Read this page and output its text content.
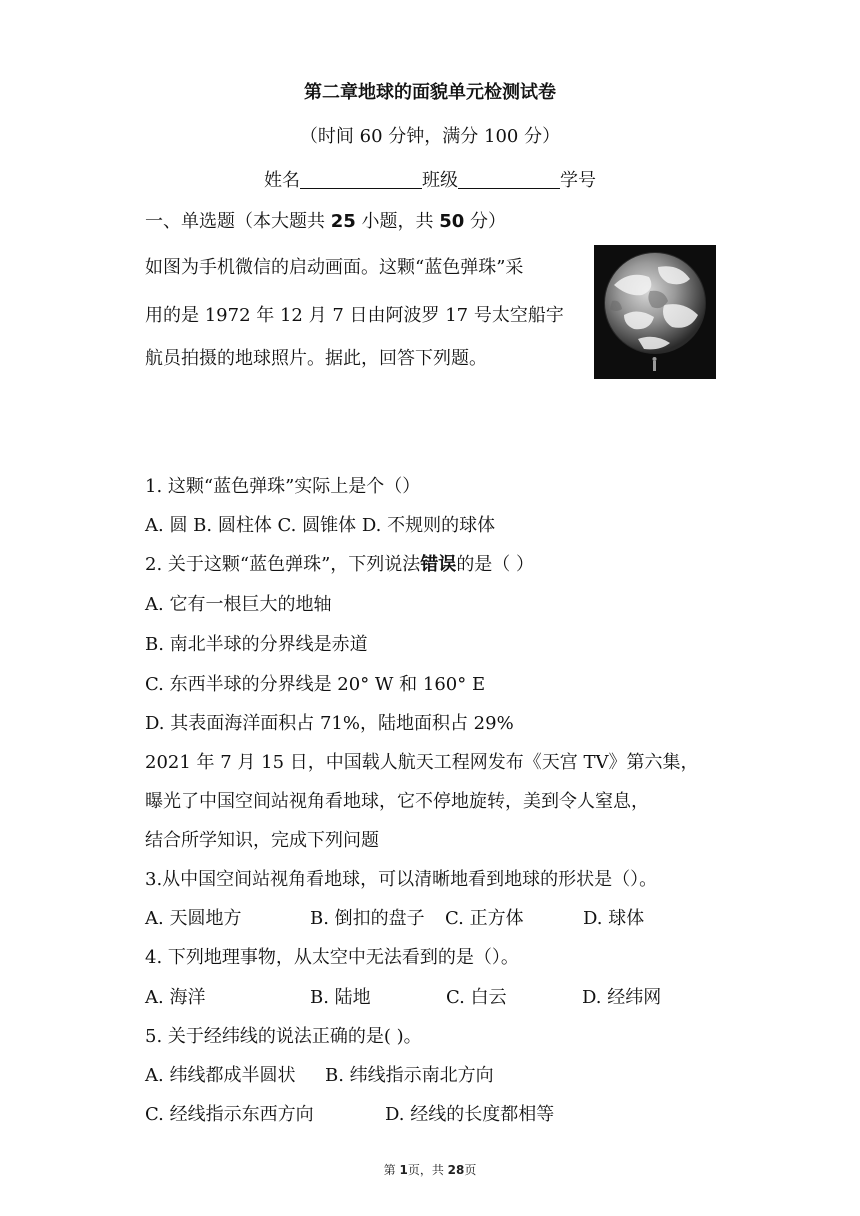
第二章地球的面貌单元检测试卷
（时间 60 分钟，满分 100 分）
姓名	班级	学号
一、单选题（本大题共 25 小题，共 50 分）
如图为手机微信的启动画面。这颗“蓝色弹珠”采
用的是 1972 年 12 月 7 日由阿波罗 17 号太空船宇
航员拍摄的地球照片。据此，回答下列题。
1. 这颗“蓝色弹珠”实际上是个（）
A. 圆 B. 圆柱体 C. 圆锥体 D. 不规则的球体
2. 关于这颗“蓝色弹珠”，下列说法错误的是（ ）
A. 它有一根巨大的地轴
B. 南北半球的分界线是赤道
C. 东西半球的分界线是 20° W 和 160° E
D. 其表面海洋面积占 71%，陆地面积占 29%
2021 年 7 月 15 日，中国载人航天工程网发布《天宫 TV》第六集，
曝光了中国空间站视角看地球，它不停地旋转，美到令人窒息，
结合所学知识，完成下列问题
3.从中国空间站视角看地球，可以清晰地看到地球的形状是（）。
A. 天圆地方	B. 倒扣的盘子 C. 正方体	D. 球体
4. 下列地理事物，从太空中无法看到的是（）。
A. 海洋	B. 陆地	C. 白云	D. 经纬网
5. 关于经纬线的说法正确的是( )。
A. 纬线都成半圆状 B. 纬线指示南北方向
C. 经线指示东西方向	D. 经线的长度都相等
第 1页，共 28页
